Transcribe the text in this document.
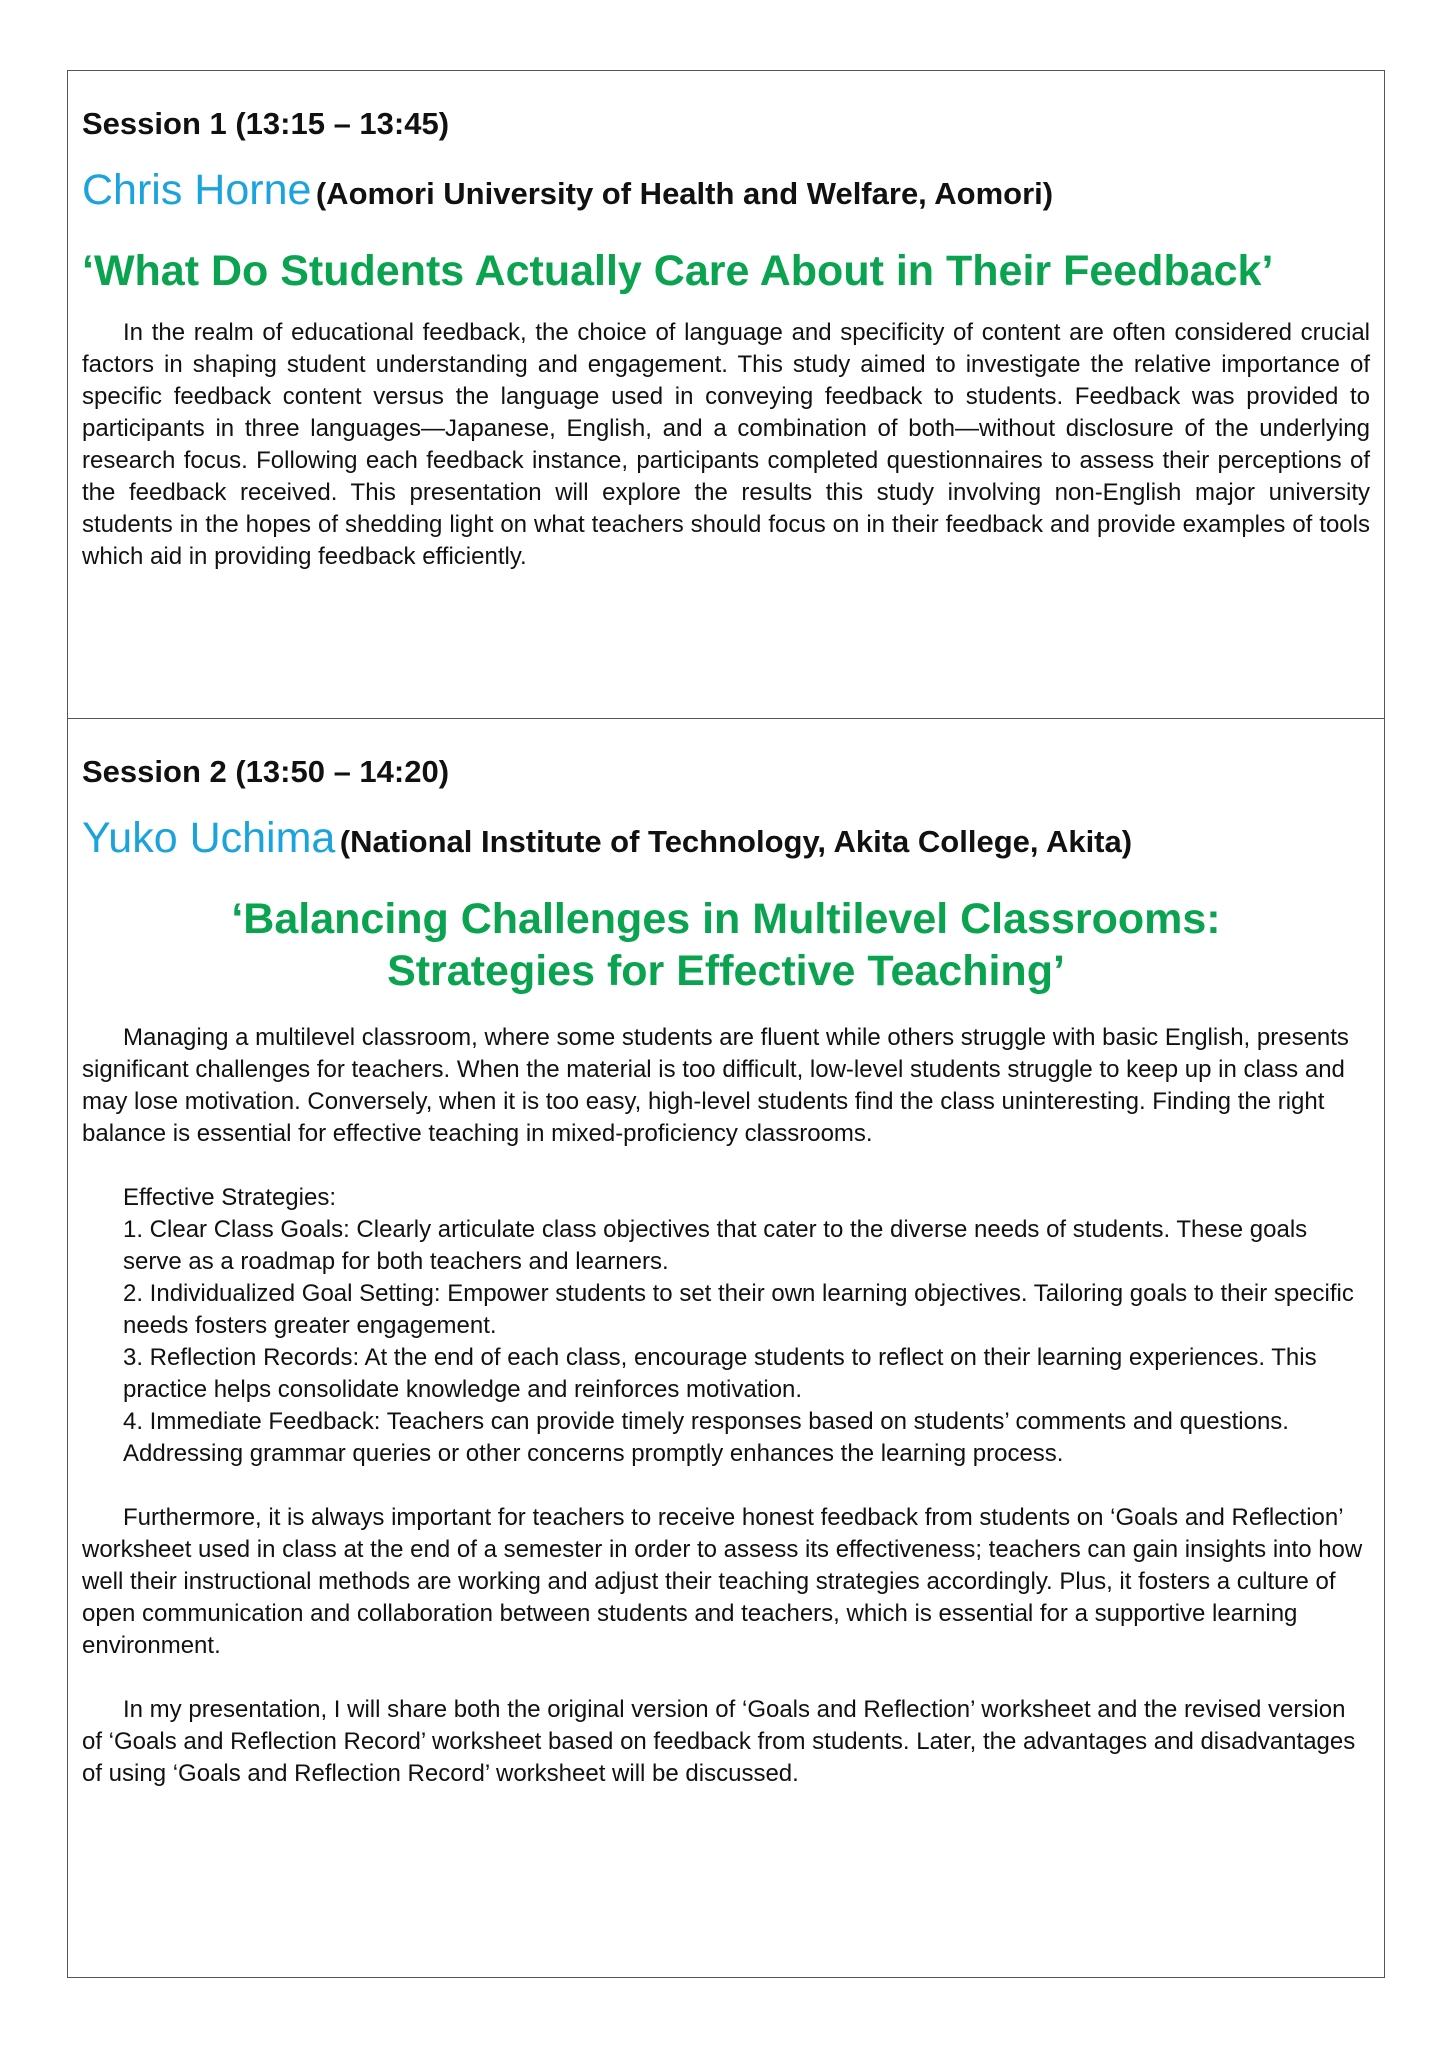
Session 1 (13:15 – 13:45)
Chris Horne (Aomori University of Health and Welfare, Aomori)
‘What Do Students Actually Care About in Their Feedback’

In the realm of educational feedback, the choice of language and specificity of content are often considered crucial factors in shaping student understanding and engagement. This study aimed to investigate the relative importance of specific feedback content versus the language used in conveying feedback to students. Feedback was provided to participants in three languages—Japanese, English, and a combination of both—without disclosure of the underlying research focus. Following each feedback instance, participants completed questionnaires to assess their perceptions of the feedback received. This presentation will explore the results this study involving non-English major university students in the hopes of shedding light on what teachers should focus on in their feedback and provide examples of tools which aid in providing feedback efficiently.

Session 2 (13:50 – 14:20)
Yuko Uchima (National Institute of Technology, Akita College, Akita)
‘Balancing Challenges in Multilevel Classrooms:
Strategies for Effective Teaching’

Managing a multilevel classroom, where some students are fluent while others struggle with basic English, presents significant challenges for teachers. When the material is too difficult, low-level students struggle to keep up in class and may lose motivation. Conversely, when it is too easy, high-level students find the class uninteresting. Finding the right balance is essential for effective teaching in mixed-proficiency classrooms.

Effective Strategies:
1. Clear Class Goals: Clearly articulate class objectives that cater to the diverse needs of students. These goals serve as a roadmap for both teachers and learners.
2. Individualized Goal Setting: Empower students to set their own learning objectives. Tailoring goals to their specific needs fosters greater engagement.
3. Reflection Records: At the end of each class, encourage students to reflect on their learning experiences. This practice helps consolidate knowledge and reinforces motivation.
4. Immediate Feedback: Teachers can provide timely responses based on students’ comments and questions. Addressing grammar queries or other concerns promptly enhances the learning process.

Furthermore, it is always important for teachers to receive honest feedback from students on ‘Goals and Reflection’ worksheet used in class at the end of a semester in order to assess its effectiveness; teachers can gain insights into how well their instructional methods are working and adjust their teaching strategies accordingly. Plus, it fosters a culture of open communication and collaboration between students and teachers, which is essential for a supportive learning environment.

In my presentation, I will share both the original version of ‘Goals and Reflection’ worksheet and the revised version of ‘Goals and Reflection Record’ worksheet based on feedback from students. Later, the advantages and disadvantages of using ‘Goals and Reflection Record’ worksheet will be discussed.
